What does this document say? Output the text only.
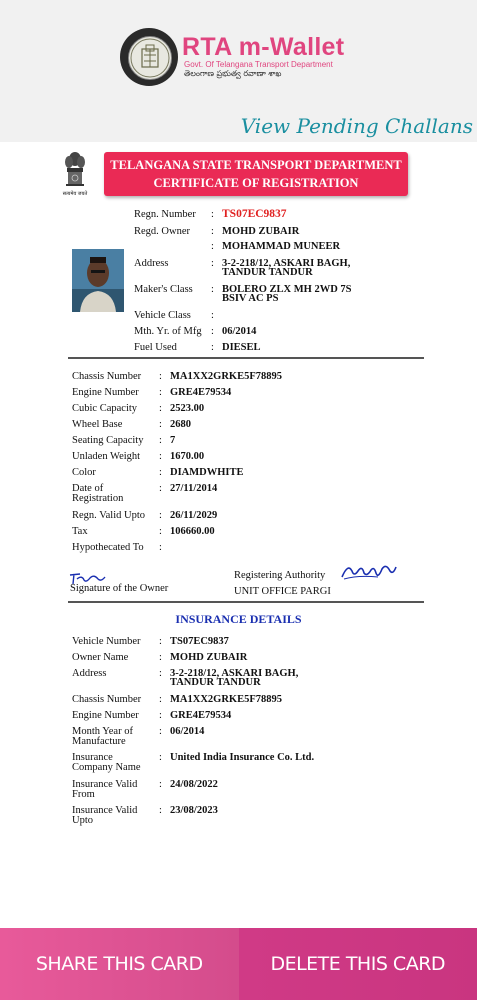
RTA m-Wallet
Govt. Of Telangana Transport Department
తెలంగాణ ప్రభుత్వ రవాణా శాఖ
View Pending Challans
सत्यमेव जयते
TELANGANA STATE TRANSPORT DEPARTMENT
CERTIFICATE OF REGISTRATION
Regn. Number : TS07EC9837
Regd. Owner : MOHD ZUBAIR
: MOHAMMAD MUNEER
Address	: 3-2-218/12, ASKARI BAGH,
TANDUR TANDUR
Maker's Class : BOLERO ZLX MH 2WD 7S
BSIV AC PS
Vehicle Class :
Mth. Yr. of Mfg : 06/2014
Fuel Used	: DIESEL
Chassis Number : MA1XX2GRKE5F78895
Engine Number : GRE4E79534
Cubic Capacity : 2523.00
Wheel Base	: 2680
Seating Capacity : 7
Unladen Weight : 1670.00
Color	: DIAMDWHITE
Date of
Registration
: 27/11/2014
Regn. Valid Upto : 26/11/2029
Tax	: 106660.00
Hypothecated To :
Signature of the Owner
Registering Authority
UNIT OFFICE PARGI
INSURANCE DETAILS
Vehicle Number : TS07EC9837
Owner Name	: MOHD ZUBAIR
Address	: 3-2-218/12, ASKARI BAGH,
TANDUR TANDUR
Chassis Number : MA1XX2GRKE5F78895
Engine Number : GRE4E79534
Month Year of
Manufacture
: 06/2014
Insurance
Company Name
: United India Insurance Co. Ltd.
Insurance Valid
From
: 24/08/2022
Insurance Valid
Upto
: 23/08/2023
SHARE THIS CARD	DELETE THIS CARD
